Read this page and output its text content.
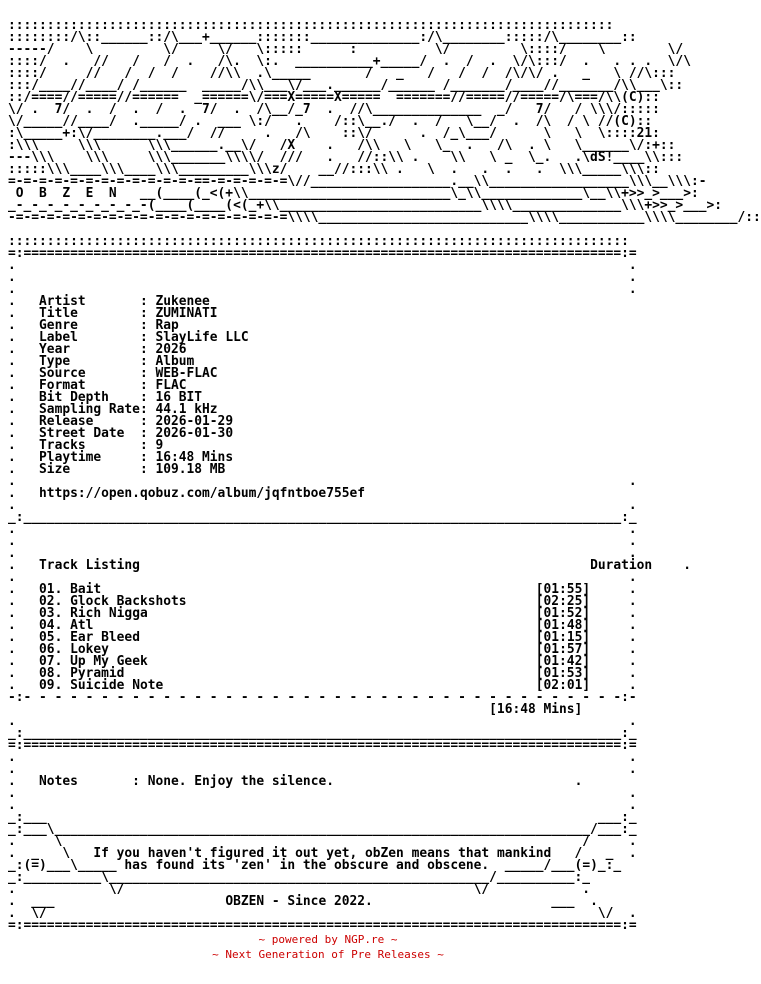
::::::::::::::::::::::::::::::::::::::::::::::::::::::::::::::::::::::::::::::
::::::::/\::______::/\___+______:::::::______________:/\________:::::/\________::
-----/    \         \/     \/   \:::::      :          \/         \::::/    \        \/
::::/  .   //   /   /  .   /\.  \:.  __________+_____/  .  /  .  \/\:::/  .   . . .  \/\
::::/     //   /  /  /    //\\  .\_____       /   _   /   /  /  /\/\/ .   _   \ //\:::
:::/____//____/ /______  _____/\\___\/___.______/______ /_______/____//_______/\\___\::
::/====//=====//======  _======\/===X=====X=====  =======//=====//=====/\===/\\(C)::
\/ .  7/  .  /  .  /  .  7/  .  /\__/_7  .  //\______________  _/   7/   / \\\/:::::
\/_____//____/  ._____/ .  ___ \:/   .    /::\__./  .  /   \__/  .  /\  / \ //(C)::
:\_____+:\/________.___/  //     .   /\    ::\/      .  /_\___/      \   \  \::::21:
:\\\     \\\      \\\______.__\/   /X    .   /\\   \   \_  .   /\  . \   \______\/:+::
---\\\    \\\     \\\_______\\\\/  ///   .   //::\\ .    \\   \ _  \_.   .\dS!____\\:::
:::::\\\____\\\____\\\_________\\\z/    __//:::\\ .   \  .   .  .   .  \\\_____\\\::
=-=-=-=-=-=-=-=-=-=-=-=-==-=-=-=-=-=\//__________________.__\\__________________\\\__\\\:-
O  B  Z  E  N   __(____(_<(+\\__________________________\_\\_____________\__\\+>>_>___>:
_-_-_-_-_-_-_-_-_-(____(____(<(_+\\__________________________\\\\______________\\\+>>_>___>:
-=-=-=-=-=-=-=-=-=-=-=-=-=-=-=-=-=-=\\\\___________________________\\\\___________\\\\________/::
::::::::::::::::::::::::::::::::::::::::::::::::::::::::::::::::::::::::::::::::
=:=============================================================================:=
.                                                                               .
.                                                                               .
.                                                                               .
.   Artist       : Zukenee
.   Title        : ZUMINATI
.   Genre        : Rap
.   Label        : SlayLife LLC
.   Year         : 2026
.   Type         : Album
.   Source       : WEB-FLAC
.   Format       : FLAC
.   Bit Depth    : 16 BIT
.   Sampling Rate: 44.1 kHz
.   Release      : 2026-01-29
.   Street Date  : 2026-01-30
.   Tracks       : 9
.   Playtime     : 16:48 Mins
.   Size         : 109.18 MB
.                                                                               .
.   https://open.qobuz.com/album/jqfntboe755ef
.                                                                               .
_:_____________________________________________________________________________:_
.                                                                               .
.                                                                               .
.                                                                               .
.   Track Listing	Duration    .
.                                                                               .
.   01. Bait	[01:55]     .
.   02. Glock Backshots	[02:25]     .
.   03. Rich Nigga	[01:52]     .
.   04. Atl	[01:48]     .
.   05. Ear Bleed	[01:15]     .
.   06. Lokey	[01:57]     .
.   07. Up My Geek	[01:42]     .
.   08. Pyramid	[01:53]     .
.   09. Suicide Note	[02:01]     .
-:- - - - - - - - - - - - - - - - - - - - - - - - - - - - - - - - - - - - - - -:-
[16:48 Mins]
.                                                                               .
_:_____________________________________________________________________________:_
=:=============================================================================:=
.                                                                               .
.                                                                               .
.   Notes       : None. Enjoy the silence.                               .
.                                                                               .
.                                                                               .
_:___                                                                       ___:_
_:___\_____________________________________________________________________/___:_
.     \                                                                   /     .
.  _   \   If you haven't figured it out yet, obZen means that mankind   /   _  .
_:(=)___\_____ has found its 'zen' in the obscure and obscene.  _____/___(=)_:_
_:__________\_________________________________________________/__________:_
.            \/                                             \/            .
.  ___                      OBZEN - Since 2022.                       ___  .
.  \/                                                                       \/  .
=:=============================================================================:=
~ powered by NGP.re ~
~ Next Generation of Pre Releases ~
